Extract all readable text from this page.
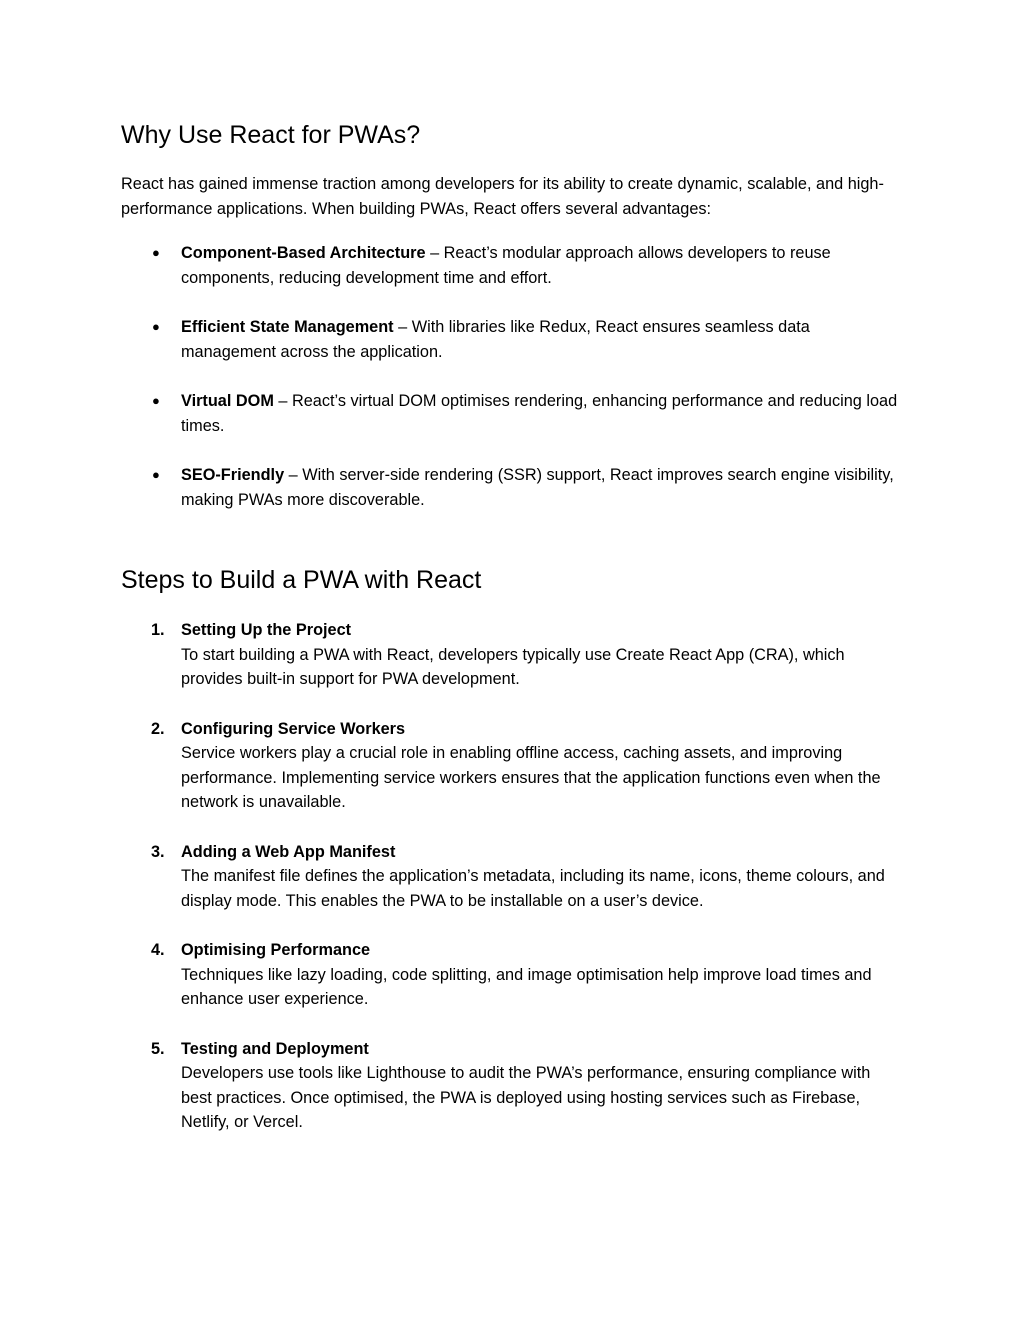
Why Use React for PWAs?

React has gained immense traction among developers for its ability to create dynamic, scalable, and high-performance applications. When building PWAs, React offers several advantages:

● Component-Based Architecture – React’s modular approach allows developers to reuse components, reducing development time and effort.
● Efficient State Management – With libraries like Redux, React ensures seamless data management across the application.
● Virtual DOM – React’s virtual DOM optimises rendering, enhancing performance and reducing load times.
● SEO-Friendly – With server-side rendering (SSR) support, React improves search engine visibility, making PWAs more discoverable.
Steps to Build a PWA with React
1. Setting Up the Project
To start building a PWA with React, developers typically use Create React App (CRA), which provides built-in support for PWA development.
2. Configuring Service Workers
Service workers play a crucial role in enabling offline access, caching assets, and improving performance. Implementing service workers ensures that the application functions even when the network is unavailable.
3. Adding a Web App Manifest
The manifest file defines the application’s metadata, including its name, icons, theme colours, and display mode. This enables the PWA to be installable on a user’s device.
4. Optimising Performance
Techniques like lazy loading, code splitting, and image optimisation help improve load times and enhance user experience.
5. Testing and Deployment
Developers use tools like Lighthouse to audit the PWA’s performance, ensuring compliance with best practices. Once optimised, the PWA is deployed using hosting services such as Firebase, Netlify, or Vercel.
